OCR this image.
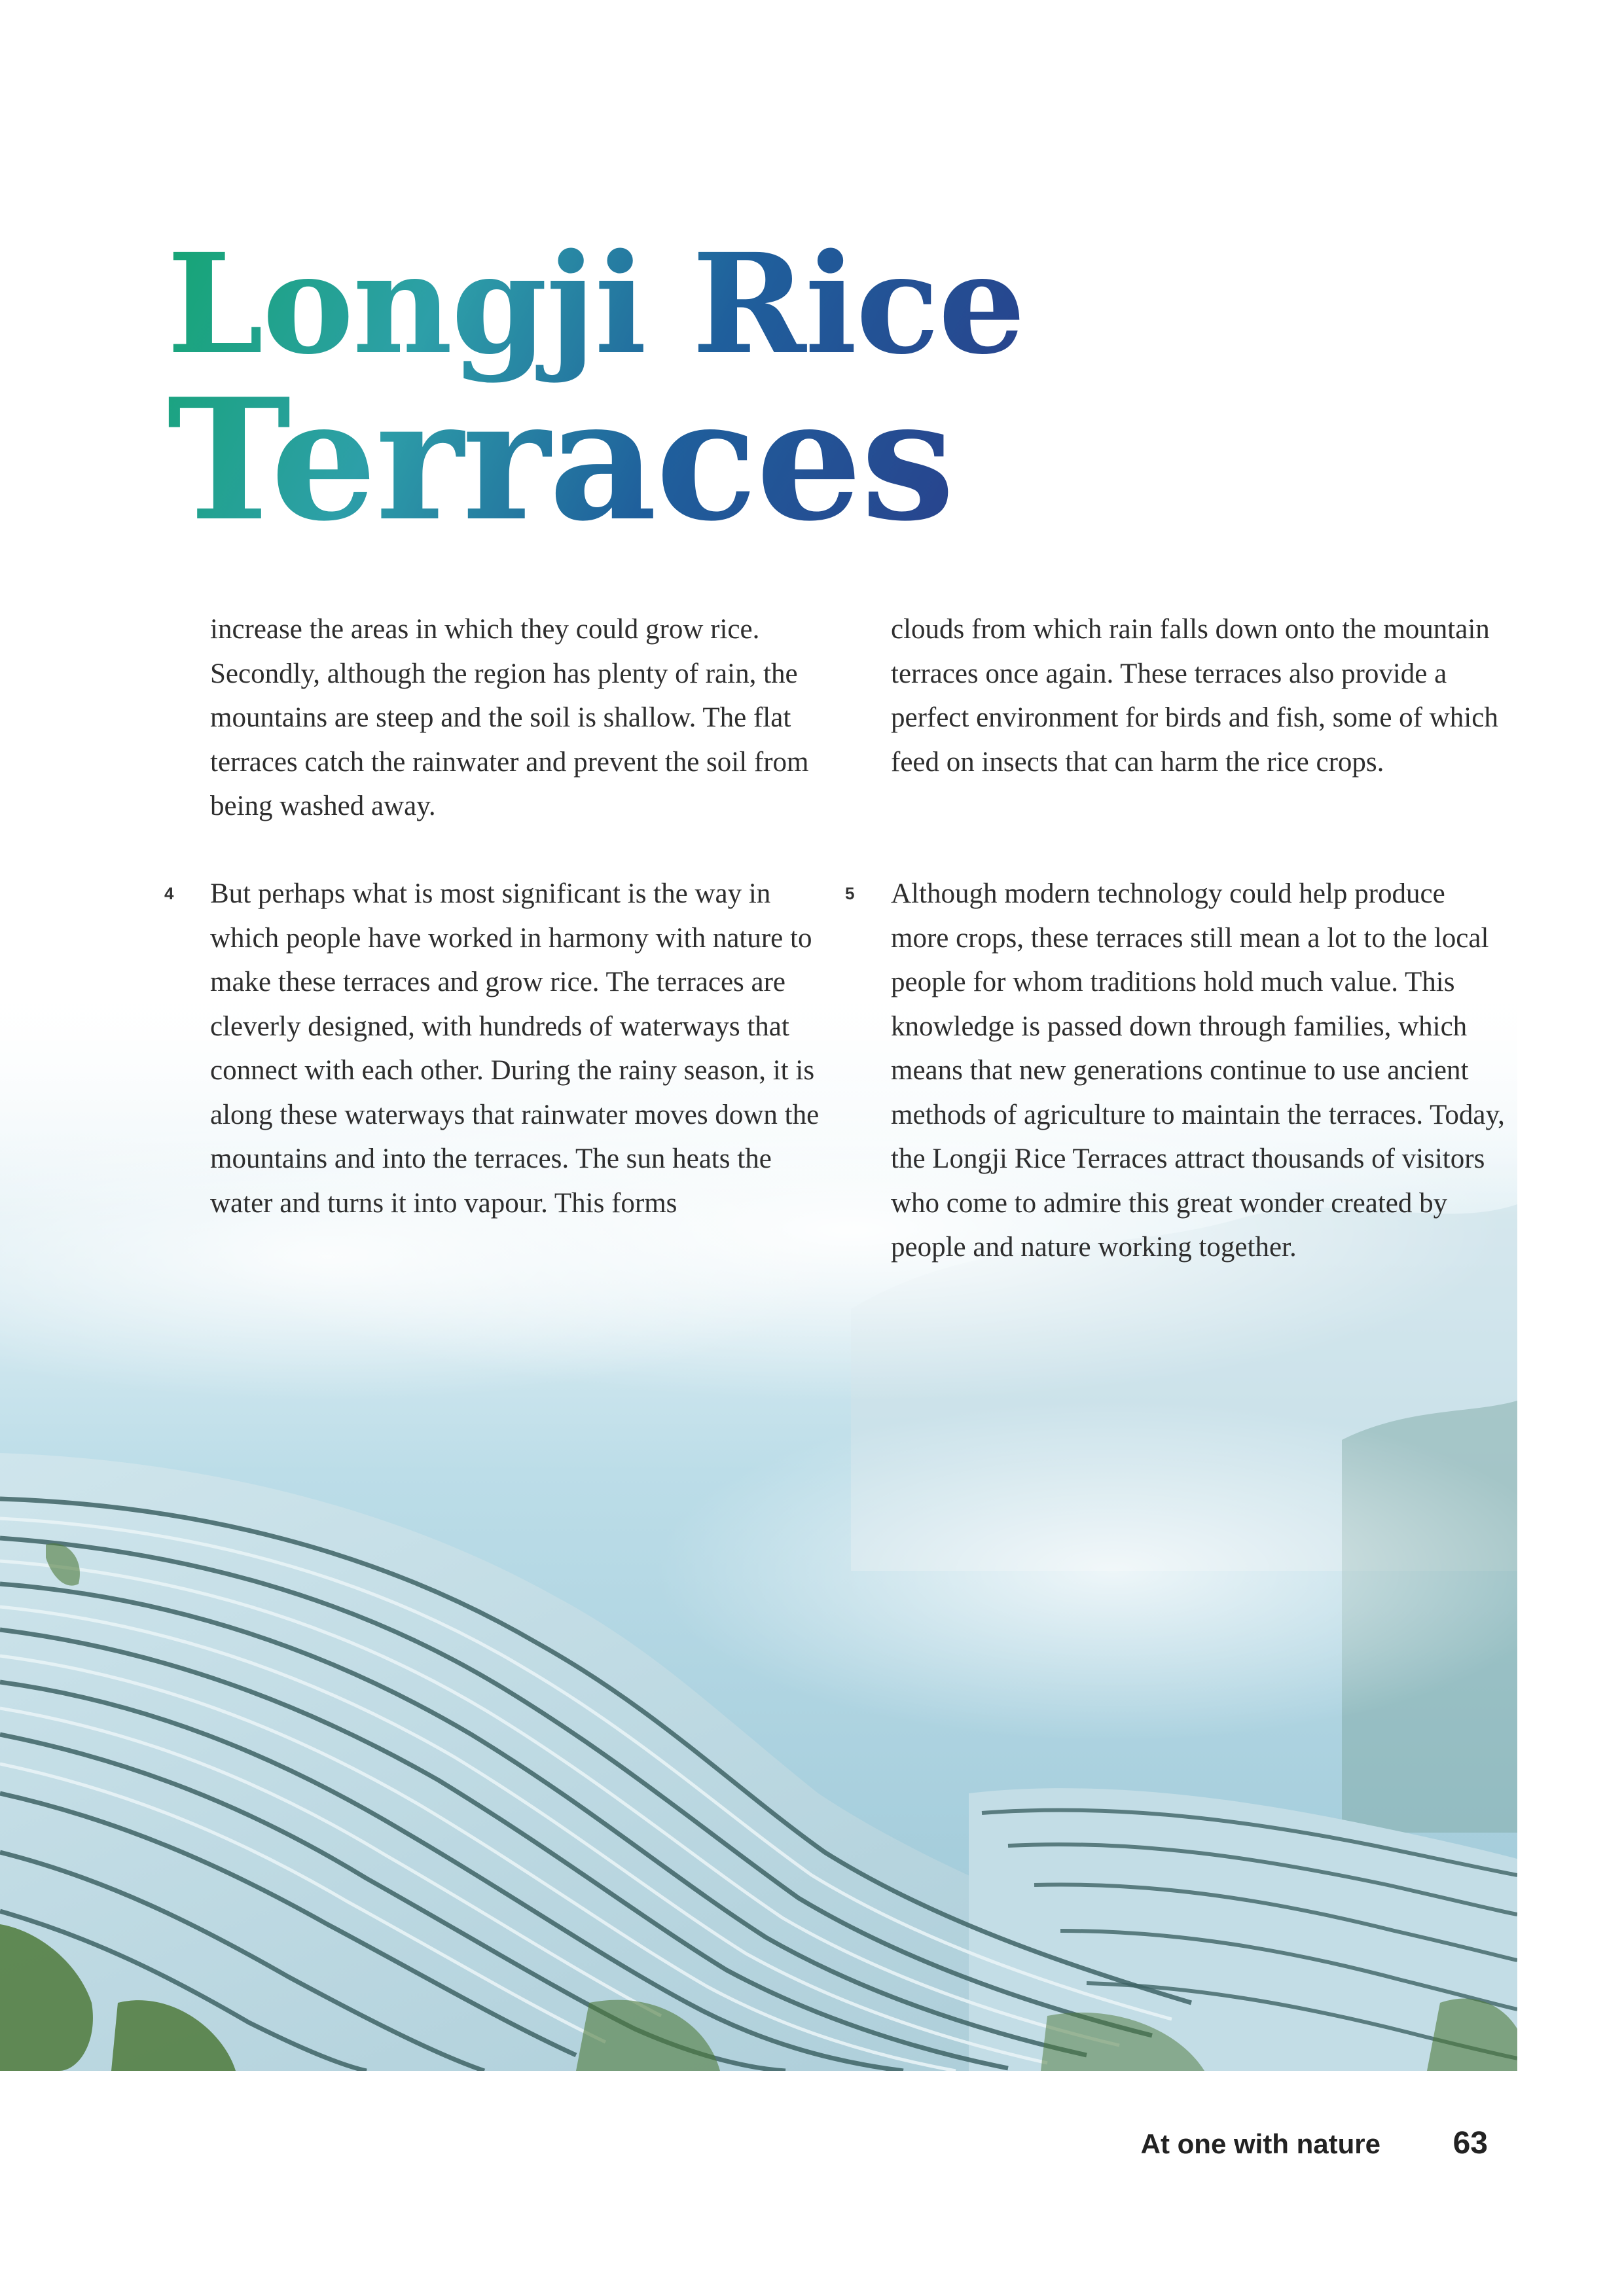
Longji Rice
Terraces

increase the areas in which they could grow rice. Secondly, although the region has plenty of rain, the mountains are steep and the soil is shallow. The flat terraces catch the rainwater and prevent the soil from being washed away.

4 But perhaps what is most significant is the way in which people have worked in harmony with nature to make these terraces and grow rice. The terraces are cleverly designed, with hundreds of waterways that connect with each other. During the rainy season, it is along these waterways that rainwater moves down the mountains and into the terraces. The sun heats the water and turns it into vapour. This forms

clouds from which rain falls down onto the mountain terraces once again. These terraces also provide a perfect environment for birds and fish, some of which feed on insects that can harm the rice crops.

5 Although modern technology could help produce more crops, these terraces still mean a lot to the local people for whom traditions hold much value. This knowledge is passed down through families, which means that new generations continue to use ancient methods of agriculture to maintain the terraces. Today, the Longji Rice Terraces attract thousands of visitors who come to admire this great wonder created by people and nature working together.

At one with nature 63
